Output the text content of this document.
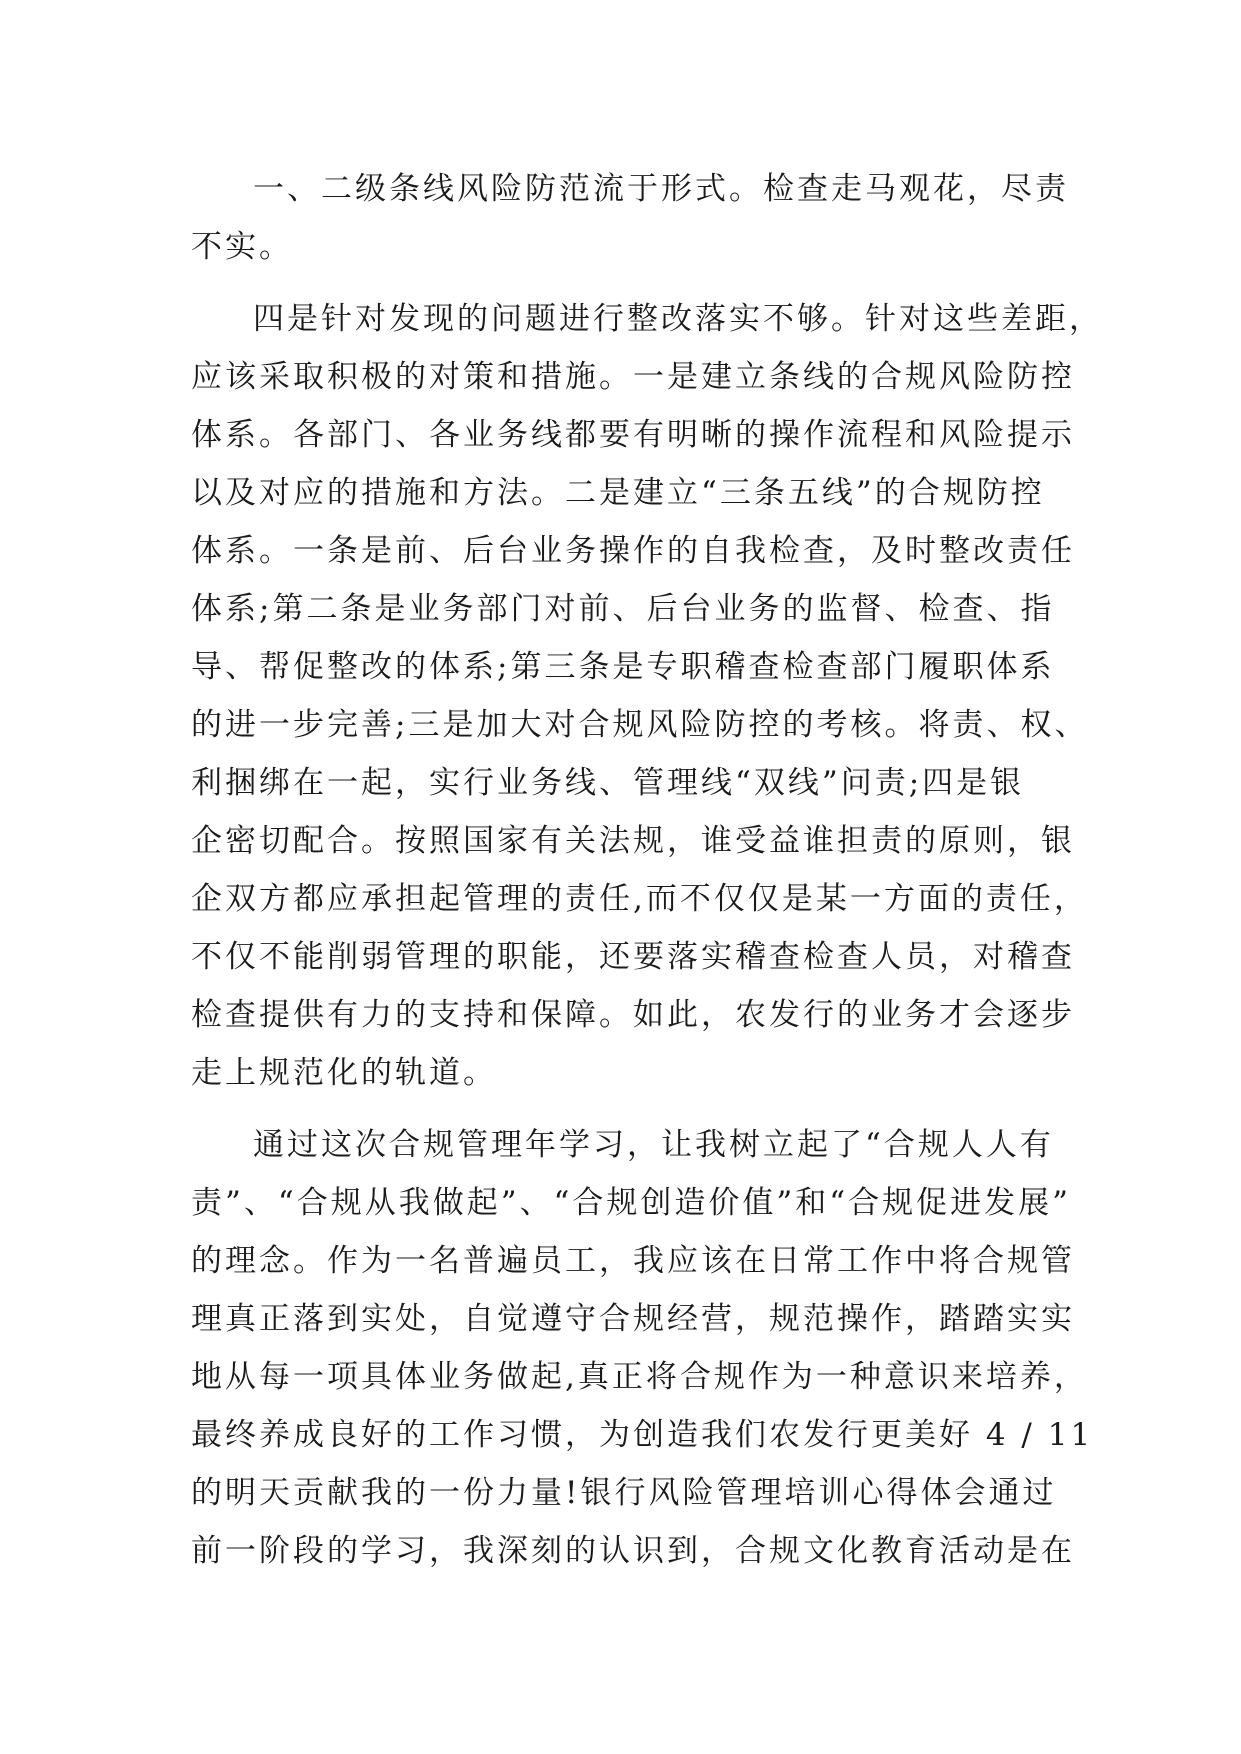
一、二级条线风险防范流于形式。检查走马观花，尽责
不实。
四是针对发现的问题进行整改落实不够。针对这些差距，
应该采取积极的对策和措施。一是建立条线的合规风险防控
体系。各部门、各业务线都要有明晰的操作流程和风险提示
以及对应的措施和方法。二是建立“三条五线”的合规防控
体系。一条是前、后台业务操作的自我检查，及时整改责任
体系;第二条是业务部门对前、后台业务的监督、检查、指
导、帮促整改的体系;第三条是专职稽查检查部门履职体系
的进一步完善;三是加大对合规风险防控的考核。将责、权、
利捆绑在一起，实行业务线、管理线“双线”问责;四是银
企密切配合。按照国家有关法规，谁受益谁担责的原则，银
企双方都应承担起管理的责任,而不仅仅是某一方面的责任，
不仅不能削弱管理的职能，还要落实稽查检查人员，对稽查
检查提供有力的支持和保障。如此，农发行的业务才会逐步
走上规范化的轨道。
通过这次合规管理年学习，让我树立起了“合规人人有
责”、“合规从我做起”、“合规创造价值”和“合规促进发展”
的理念。作为一名普遍员工，我应该在日常工作中将合规管
理真正落到实处，自觉遵守合规经营，规范操作，踏踏实实
地从每一项具体业务做起,真正将合规作为一种意识来培养，
最终养成良好的工作习惯，为创造我们农发行更美好 4 / 11
的明天贡献我的一份力量!银行风险管理培训心得体会通过
前一阶段的学习，我深刻的认识到，合规文化教育活动是在
